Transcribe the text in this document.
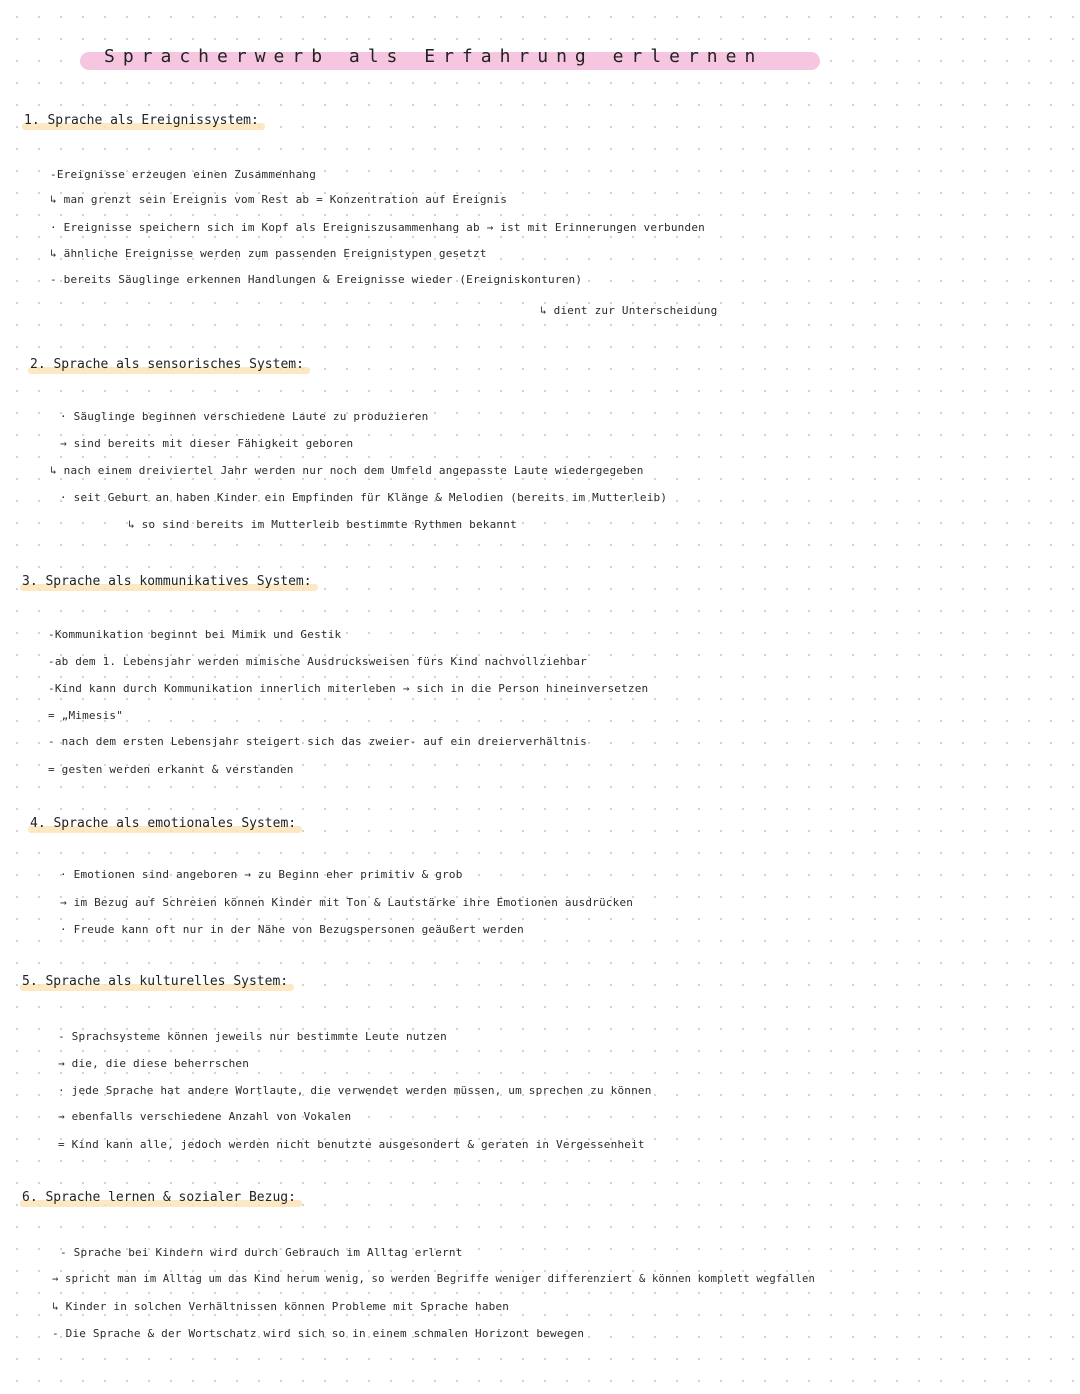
Spracherwerb als Erfahrung erlernen
1. Sprache als Ereignissystem:
-Ereignisse erzeugen einen Zusammenhang
↳ man grenzt sein Ereignis vom Rest ab = Konzentration auf Ereignis
· Ereignisse speichern sich im Kopf als Ereigniszusammenhang ab → ist mit Erinnerungen verbunden
↳ ähnliche Ereignisse werden zum passenden Ereignistypen gesetzt
- bereits Säuglinge erkennen Handlungen & Ereignisse wieder (Ereigniskonturen)
↳ dient zur Unterscheidung
2. Sprache als sensorisches System:
· Säuglinge beginnen verschiedene Laute zu produzieren
→ sind bereits mit dieser Fähigkeit geboren
↳ nach einem dreiviertel Jahr werden nur noch dem Umfeld angepasste Laute wiedergegeben
· seit Geburt an haben Kinder ein Empfinden für Klänge & Melodien (bereits im Mutterleib)
↳ so sind bereits im Mutterleib bestimmte Rythmen bekannt
3. Sprache als kommunikatives System:
-Kommunikation beginnt bei Mimik und Gestik
-ab dem 1. Lebensjahr werden mimische Ausdrucksweisen fürs Kind nachvollziehbar
-Kind kann durch Kommunikation innerlich miterleben → sich in die Person hineinversetzen
= „Mimesis"
- nach dem ersten Lebensjahr steigert sich das zweier- auf ein dreierverhältnis
= gesten werden erkannt & verstanden
4. Sprache als emotionales System:
· Emotionen sind angeboren → zu Beginn eher primitiv & grob
→ im Bezug auf Schreien können Kinder mit Ton & Lautstärke ihre Emotionen ausdrücken
· Freude kann oft nur in der Nähe von Bezugspersonen geäußert werden
5. Sprache als kulturelles System:
- Sprachsysteme können jeweils nur bestimmte Leute nutzen
→ die, die diese beherrschen
· jede Sprache hat andere Wortlaute, die verwendet werden müssen, um sprechen zu können
→ ebenfalls verschiedene Anzahl von Vokalen
= Kind kann alle, jedoch werden nicht benutzte ausgesondert & geraten in Vergessenheit
6. Sprache lernen & sozialer Bezug:
- Sprache bei Kindern wird durch Gebrauch im Alltag erlernt
→ spricht man im Alltag um das Kind herum wenig, so werden Begriffe weniger differenziert & können komplett wegfallen
↳ Kinder in solchen Verhältnissen können Probleme mit Sprache haben
- Die Sprache & der Wortschatz wird sich so in einem schmalen Horizont bewegen
